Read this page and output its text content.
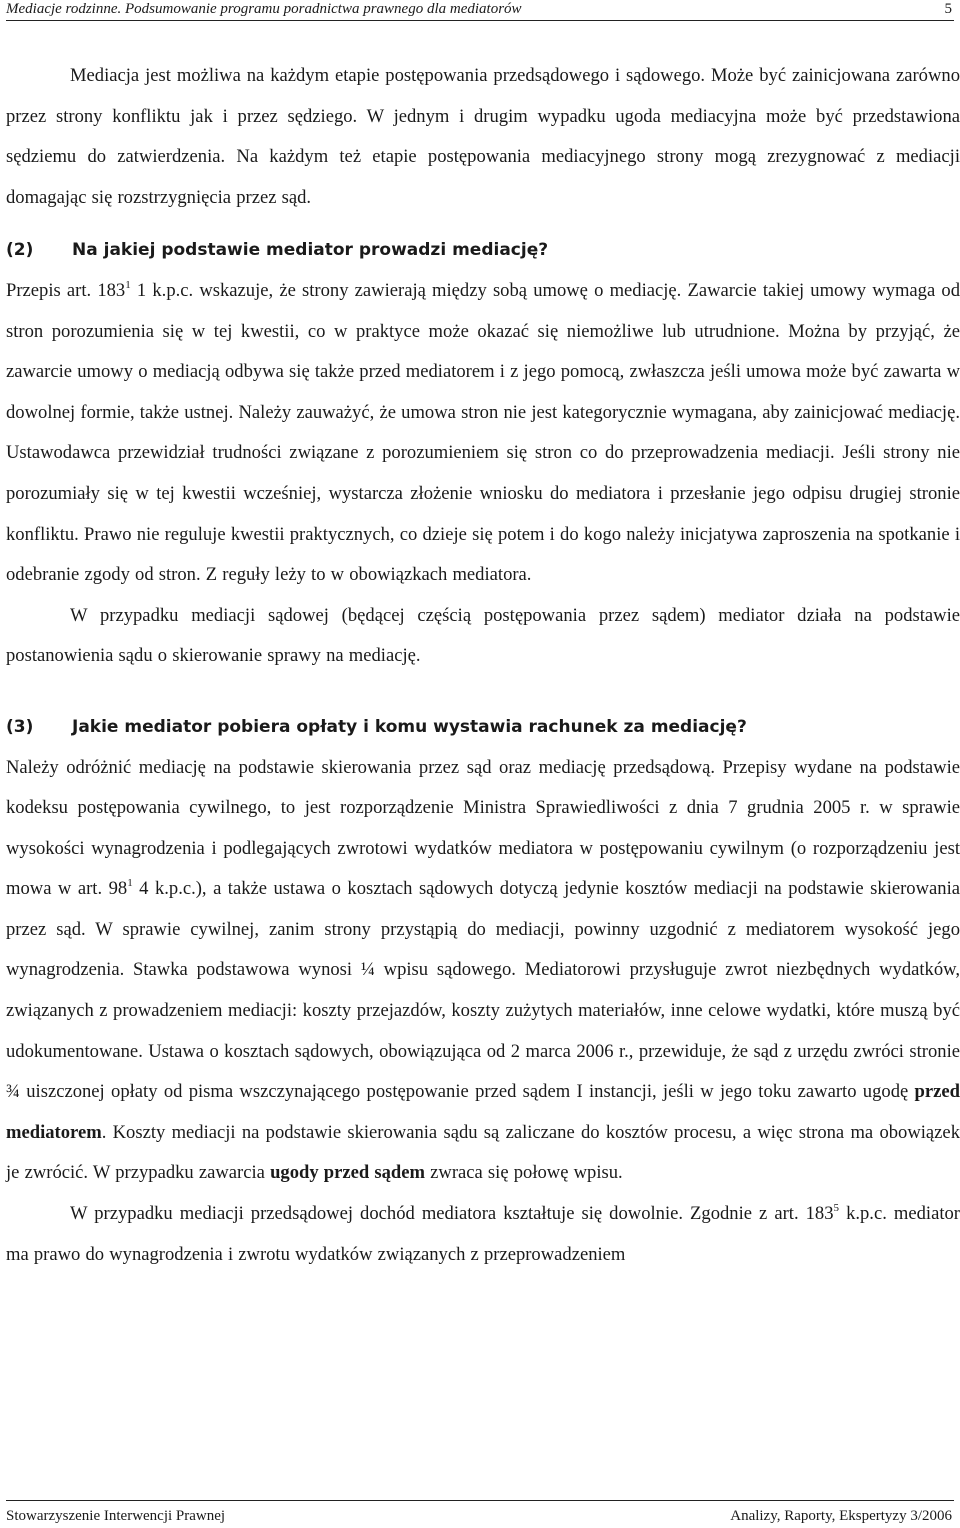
Mediacje rodzinne. Podsumowanie programu poradnictwa prawnego dla mediatorów	5

Mediacja jest możliwa na każdym etapie postępowania przedsądowego i sądowego. Może być zainicjowana zarówno przez strony konfliktu jak i przez sędziego. W jednym i drugim wypadku ugoda mediacyjna może być przedstawiona sędziemu do zatwierdzenia. Na każdym też etapie postępowania mediacyjnego strony mogą zrezygnować z mediacji domagając się rozstrzygnięcia przez sąd.

(2)	Na jakiej podstawie mediator prowadzi mediację?

Przepis art. $183^1$ 1 k.p.c. wskazuje, że strony zawierają między sobą umowę o mediację. Zawarcie takiej umowy wymaga od stron porozumienia się w tej kwestii, co w praktyce może okazać się niemożliwe lub utrudnione. Można by przyjąć, że zawarcie umowy o mediacją odbywa się także przed mediatorem i z jego pomocą, zwłaszcza jeśli umowa może być zawarta w dowolnej formie, także ustnej. Należy zauważyć, że umowa stron nie jest kategorycznie wymagana, aby zainicjować mediację. Ustawodawca przewidział trudności związane z porozumieniem się stron co do przeprowadzenia mediacji. Jeśli strony nie porozumiały się w tej kwestii wcześniej, wystarcza złożenie wniosku do mediatora i przesłanie jego odpisu drugiej stronie konfliktu. Prawo nie reguluje kwestii praktycznych, co dzieje się potem i do kogo należy inicjatywa zaproszenia na spotkanie i odebranie zgody od stron. Z reguły leży to w obowiązkach mediatora.

W przypadku mediacji sądowej (będącej częścią postępowania przez sądem) mediator działa na podstawie postanowienia sądu o skierowanie sprawy na mediację.

(3)	Jakie mediator pobiera opłaty i komu wystawia rachunek za mediację?

Należy odróżnić mediację na podstawie skierowania przez sąd oraz mediację przedsądową. Przepisy wydane na podstawie kodeksu postępowania cywilnego, to jest rozporządzenie Ministra Sprawiedliwości z dnia 7 grudnia 2005 r. w sprawie wysokości wynagrodzenia i podlegających zwrotowi wydatków mediatora w postępowaniu cywilnym (o rozporządzeniu jest mowa w art. $98^1$ 4 k.p.c.), a także ustawa o kosztach sądowych dotyczą jedynie kosztów mediacji na podstawie skierowania przez sąd. W sprawie cywilnej, zanim strony przystąpią do mediacji, powinny uzgodnić z mediatorem wysokość jego wynagrodzenia. Stawka podstawowa wynosi ¼ wpisu sądowego. Mediatorowi przysługuje zwrot niezbędnych wydatków, związanych z prowadzeniem mediacji: koszty przejazdów, koszty zużytych materiałów, inne celowe wydatki, które muszą być udokumentowane. Ustawa o kosztach sądowych, obowiązująca od 2 marca 2006 r., przewiduje, że sąd z urzędu zwróci stronie ¾ uiszczonej opłaty od pisma wszczynającego postępowanie przed sądem I instancji, jeśli w jego toku zawarto ugodę przed mediatorem. Koszty mediacji na podstawie skierowania sądu są zaliczane do kosztów procesu, a więc strona ma obowiązek je zwrócić. W przypadku zawarcia ugody przed sądem zwraca się połowę wpisu.

W przypadku mediacji przedsądowej dochód mediatora kształtuje się dowolnie. Zgodnie z art. $183^5$ k.p.c. mediator ma prawo do wynagrodzenia i zwrotu wydatków związanych z przeprowadzeniem

Stowarzyszenie Interwencji Prawnej	Analizy, Raporty, Ekspertyzy 3/2006
